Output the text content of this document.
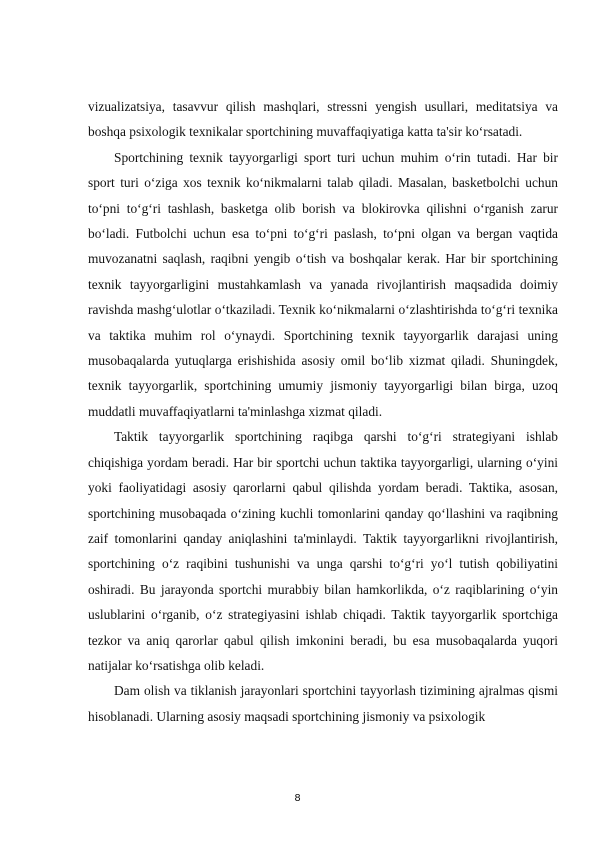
vizualizatsiya, tasavvur qilish mashqlari, stressni yengish usullari, meditatsiya va boshqa psixologik texnikalar sportchining muvaffaqiyatiga katta ta'sir ko‘rsatadi.

Sportchining texnik tayyorgarligi sport turi uchun muhim o‘rin tutadi. Har bir sport turi o‘ziga xos texnik ko‘nikmalarni talab qiladi. Masalan, basketbolchi uchun to‘pni to‘g‘ri tashlash, basketga olib borish va blokirovka qilishni o‘rganish zarur bo‘ladi. Futbolchi uchun esa to‘pni to‘g‘ri paslash, to‘pni olgan va bergan vaqtida muvozanatni saqlash, raqibni yengib o‘tish va boshqalar kerak. Har bir sportchining texnik tayyorgarligini mustahkamlash va yanada rivojlantirish maqsadida doimiy ravishda mashg‘ulotlar o‘tkaziladi. Texnik ko‘nikmalarni o‘zlashtirishda to‘g‘ri texnika va taktika muhim rol o‘ynaydi. Sportchining texnik tayyorgarlik darajasi uning musobaqalarda yutuqlarga erishishida asosiy omil bo‘lib xizmat qiladi. Shuningdek, texnik tayyorgarlik, sportchining umumiy jismoniy tayyorgarligi bilan birga, uzoq muddatli muvaffaqiyatlarni ta'minlashga xizmat qiladi.

Taktik tayyorgarlik sportchining raqibga qarshi to‘g‘ri strategiyani ishlab chiqishiga yordam beradi. Har bir sportchi uchun taktika tayyorgarligi, ularning o‘yini yoki faoliyatidagi asosiy qarorlarni qabul qilishda yordam beradi. Taktika, asosan, sportchining musobaqada o‘zining kuchli tomonlarini qanday qo‘llashini va raqibning zaif tomonlarini qanday aniqlashini ta'minlaydi. Taktik tayyorgarlikni rivojlantirish, sportchining o‘z raqibini tushunishi va unga qarshi to‘g‘ri yo‘l tutish qobiliyatini oshiradi. Bu jarayonda sportchi murabbiy bilan hamkorlikda, o‘z raqiblarining o‘yin uslublarini o‘rganib, o‘z strategiyasini ishlab chiqadi. Taktik tayyorgarlik sportchiga tezkor va aniq qarorlar qabul qilish imkonini beradi, bu esa musobaqalarda yuqori natijalar ko‘rsatishga olib keladi.

Dam olish va tiklanish jarayonlari sportchini tayyorlash tizimining ajralmas qismi hisoblanadi. Ularning asosiy maqsadi sportchining jismoniy va psixologik

8
